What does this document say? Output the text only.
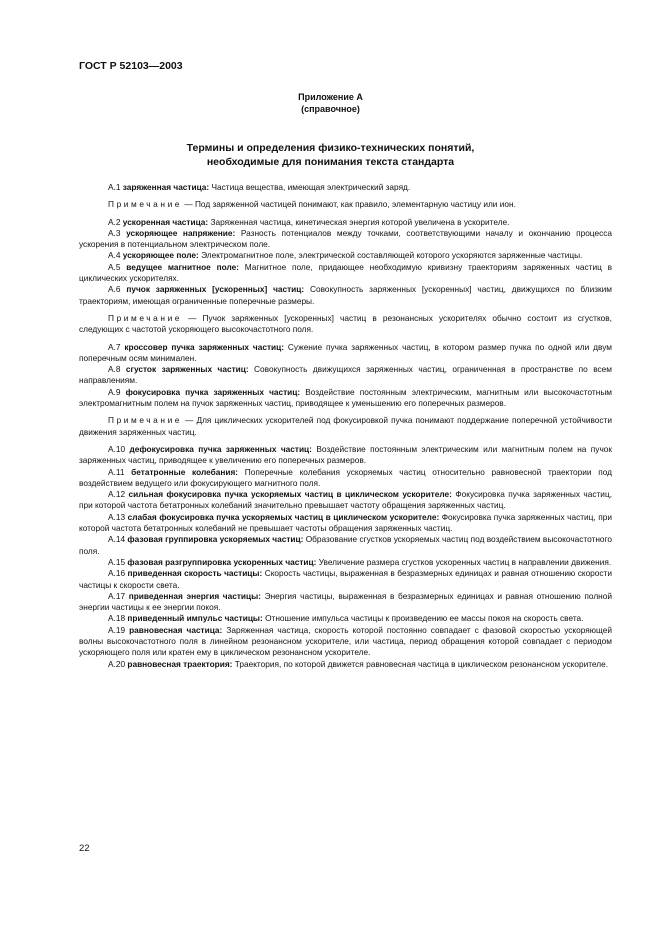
ГОСТ Р 52103—2003
Приложение А
(справочное)
Термины и определения физико-технических понятий,
необходимые для понимания текста стандарта

А.1 заряженная частица: Частица вещества, имеющая электрический заряд.

Примечание — Под заряженной частицей понимают, как правило, элементарную частицу или ион.

А.2 ускоренная частица: Заряженная частица, кинетическая энергия которой увеличена в ускорителе.

А.3 ускоряющее напряжение: Разность потенциалов между точками, соответствующими началу и окончанию процесса ускорения в потенциальном электрическом поле.

А.4 ускоряющее поле: Электромагнитное поле, электрической составляющей которого ускоряются заряженные частицы.

А.5 ведущее магнитное поле: Магнитное поле, придающее необходимую кривизну траекториям заряженных частиц в циклических ускорителях.

А.6 пучок заряженных [ускоренных] частиц: Совокупность заряженных [ускоренных] частиц, движущихся по близким траекториям, имеющая ограниченные поперечные размеры.

Примечание — Пучок заряженных [ускоренных] частиц в резонансных ускорителях обычно состоит из сгустков, следующих с частотой ускоряющего высокочастотного поля.

А.7 кроссовер пучка заряженных частиц: Сужение пучка заряженных частиц, в котором размер пучка по одной или двум поперечным осям минимален.

А.8 сгусток заряженных частиц: Совокупность движущихся заряженных частиц, ограниченная в пространстве по всем направлениям.

А.9 фокусировка пучка заряженных частиц: Воздействие постоянным электрическим, магнитным или высокочастотным электромагнитным полем на пучок заряженных частиц, приводящее к уменьшению его поперечных размеров.

Примечание — Для циклических ускорителей под фокусировкой пучка понимают поддержание поперечной устойчивости движения заряженных частиц.

А.10 дефокусировка пучка заряженных частиц: Воздействие постоянным электрическим или магнитным полем на пучок заряженных частиц, приводящее к увеличению его поперечных размеров.

А.11 бетатронные колебания: Поперечные колебания ускоряемых частиц относительно равновесной траектории под воздействием ведущего или фокусирующего магнитного поля.

А.12 сильная фокусировка пучка ускоряемых частиц в циклическом ускорителе: Фокусировка пучка заряженных частиц, при которой частота бетатронных колебаний значительно превышает частоту обращения заряженных частиц.

А.13 слабая фокусировка пучка ускоряемых частиц в циклическом ускорителе: Фокусировка пучка заряженных частиц, при которой частота бетатронных колебаний не превышает частоты обращения заряженных частиц.

А.14 фазовая группировка ускоряемых частиц: Образование сгустков ускоряемых частиц под воздействием высокочастотного поля.

А.15 фазовая разгруппировка ускоренных частиц: Увеличение размера сгустков ускоренных частиц в направлении движения.

А.16 приведенная скорость частицы: Скорость частицы, выраженная в безразмерных единицах и равная отношению скорости частицы к скорости света.

А.17 приведенная энергия частицы: Энергия частицы, выраженная в безразмерных единицах и равная отношению полной энергии частицы к ее энергии покоя.

А.18 приведенный импульс частицы: Отношение импульса частицы к произведению ее массы покоя на скорость света.

А.19 равновесная частица: Заряженная частица, скорость которой постоянно совпадает с фазовой скоростью ускоряющей волны высокочастотного поля в линейном резонансном ускорителе, или частица, период обращения которой совпадает с периодом ускоряющего поля или кратен ему в циклическом резонансном ускорителе.

А.20 равновесная траектория: Траектория, по которой движется равновесная частица в циклическом резонансном ускорителе.

22
